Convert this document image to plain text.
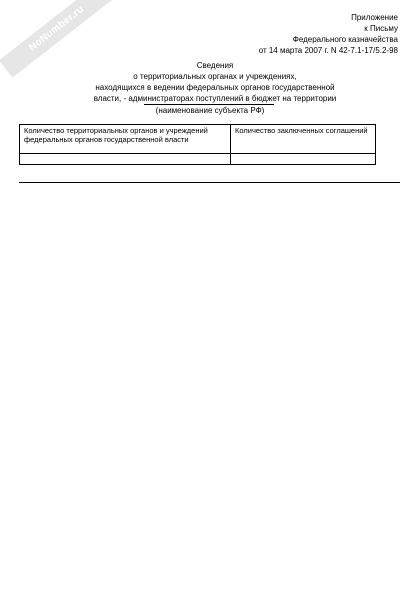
NoNumber.ru	Приложение
к Письму
Федерального казначейства
от 14 марта 2007 г. N 42-7.1-17/5.2-98
Сведения
о территориальных органах и учреждениях,
находящихся в ведении федеральных органов государственной
власти, - администраторах поступлений в бюджет на территории
(наименование субъекта РФ)
Количество территориальных органов и учреждений федеральных органов государственной власти	Количество заключенных соглашений
